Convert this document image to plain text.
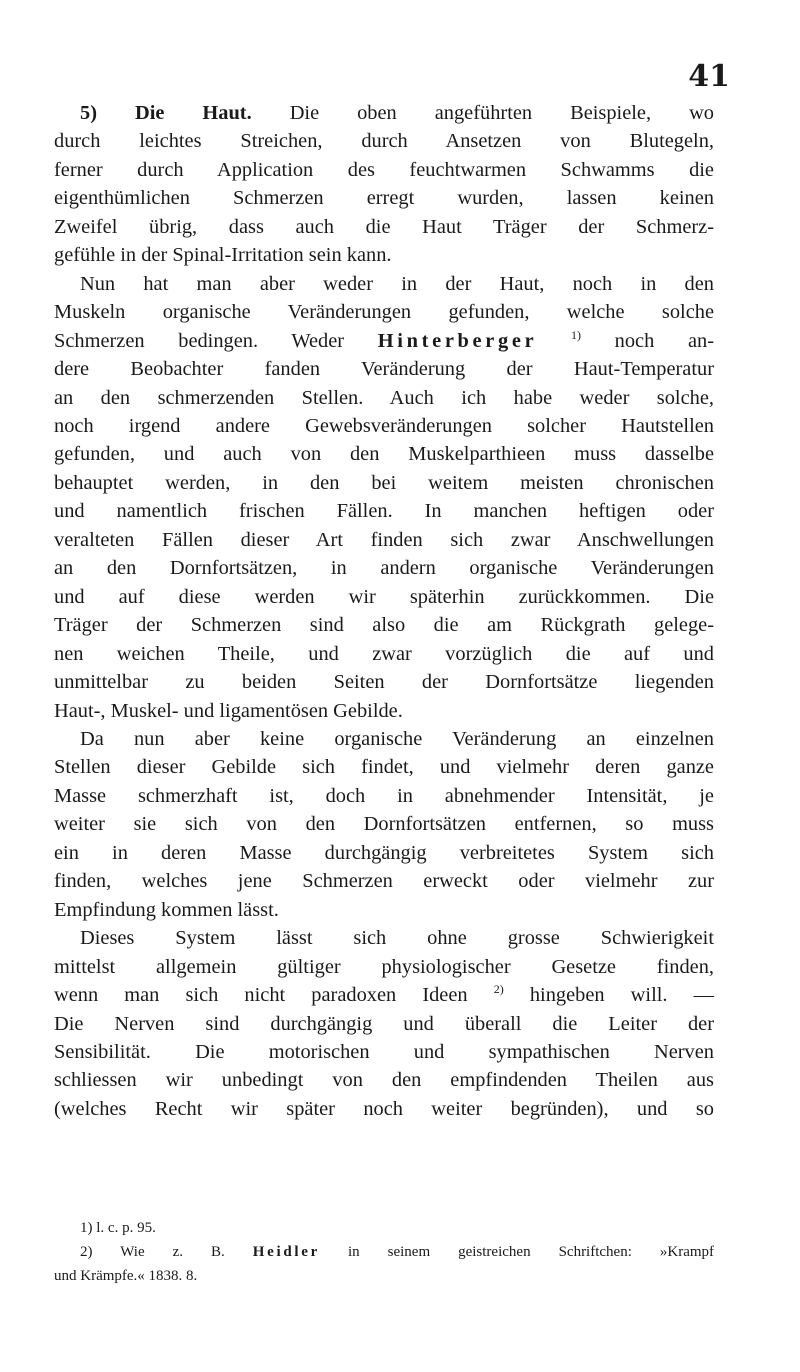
41
5) Die Haut. Die oben angeführten Beispiele, wo
durch leichtes Streichen, durch Ansetzen von Blutegeln,
ferner durch Application des feuchtwarmen Schwamms die
eigenthümlichen Schmerzen erregt wurden, lassen keinen
Zweifel übrig, dass auch die Haut Träger der Schmerz-
gefühle in der Spinal-Irritation sein kann.
Nun hat man aber weder in der Haut, noch in den
Muskeln organische Veränderungen gefunden, welche solche
Schmerzen bedingen. Weder Hinterberger	$^{1)}$ noch an-
dere Beobachter fanden Veränderung der Haut-Temperatur
an den schmerzenden Stellen. Auch ich habe weder solche,
noch irgend andere Gewebsveränderungen solcher Hautstellen
gefunden, und auch von den Muskelparthieen muss dasselbe
behauptet werden, in den bei weitem meisten chronischen
und namentlich frischen Fällen. In manchen heftigen oder
veralteten Fällen dieser Art finden sich zwar Anschwellungen
an den Dornfortsätzen, in andern organische Veränderungen
und auf diese werden wir späterhin zurückkommen. Die
Träger der Schmerzen sind also die am Rückgrath gelege-
nen weichen Theile, und zwar vorzüglich die auf und
unmittelbar zu beiden Seiten der Dornfortsätze liegenden
Haut-, Muskel- und ligamentösen Gebilde.
Da nun aber keine organische Veränderung an einzelnen
Stellen dieser Gebilde sich findet, und vielmehr deren ganze
Masse schmerzhaft ist, doch in abnehmender Intensität, je
weiter sie sich von den Dornfortsätzen entfernen, so muss
ein in deren Masse durchgängig verbreitetes System sich
finden, welches jene Schmerzen erweckt oder vielmehr zur
Empfindung kommen lässt.
Dieses System lässt sich ohne grosse Schwierigkeit
mittelst allgemein gültiger physiologischer Gesetze finden,
wenn man sich nicht paradoxen Ideen $^{2)}$ hingeben will. —
Die Nerven sind durchgängig und überall die Leiter der
Sensibilität. Die motorischen und sympathischen Nerven
schliessen wir unbedingt von den empfindenden Theilen aus
(welches Recht wir später noch weiter begründen), und so
1) l. c. p. 95.
2) Wie z. B. Heidler in seinem geistreichen Schriftchen: »Krampf
und Krämpfe.« 1838. 8.
